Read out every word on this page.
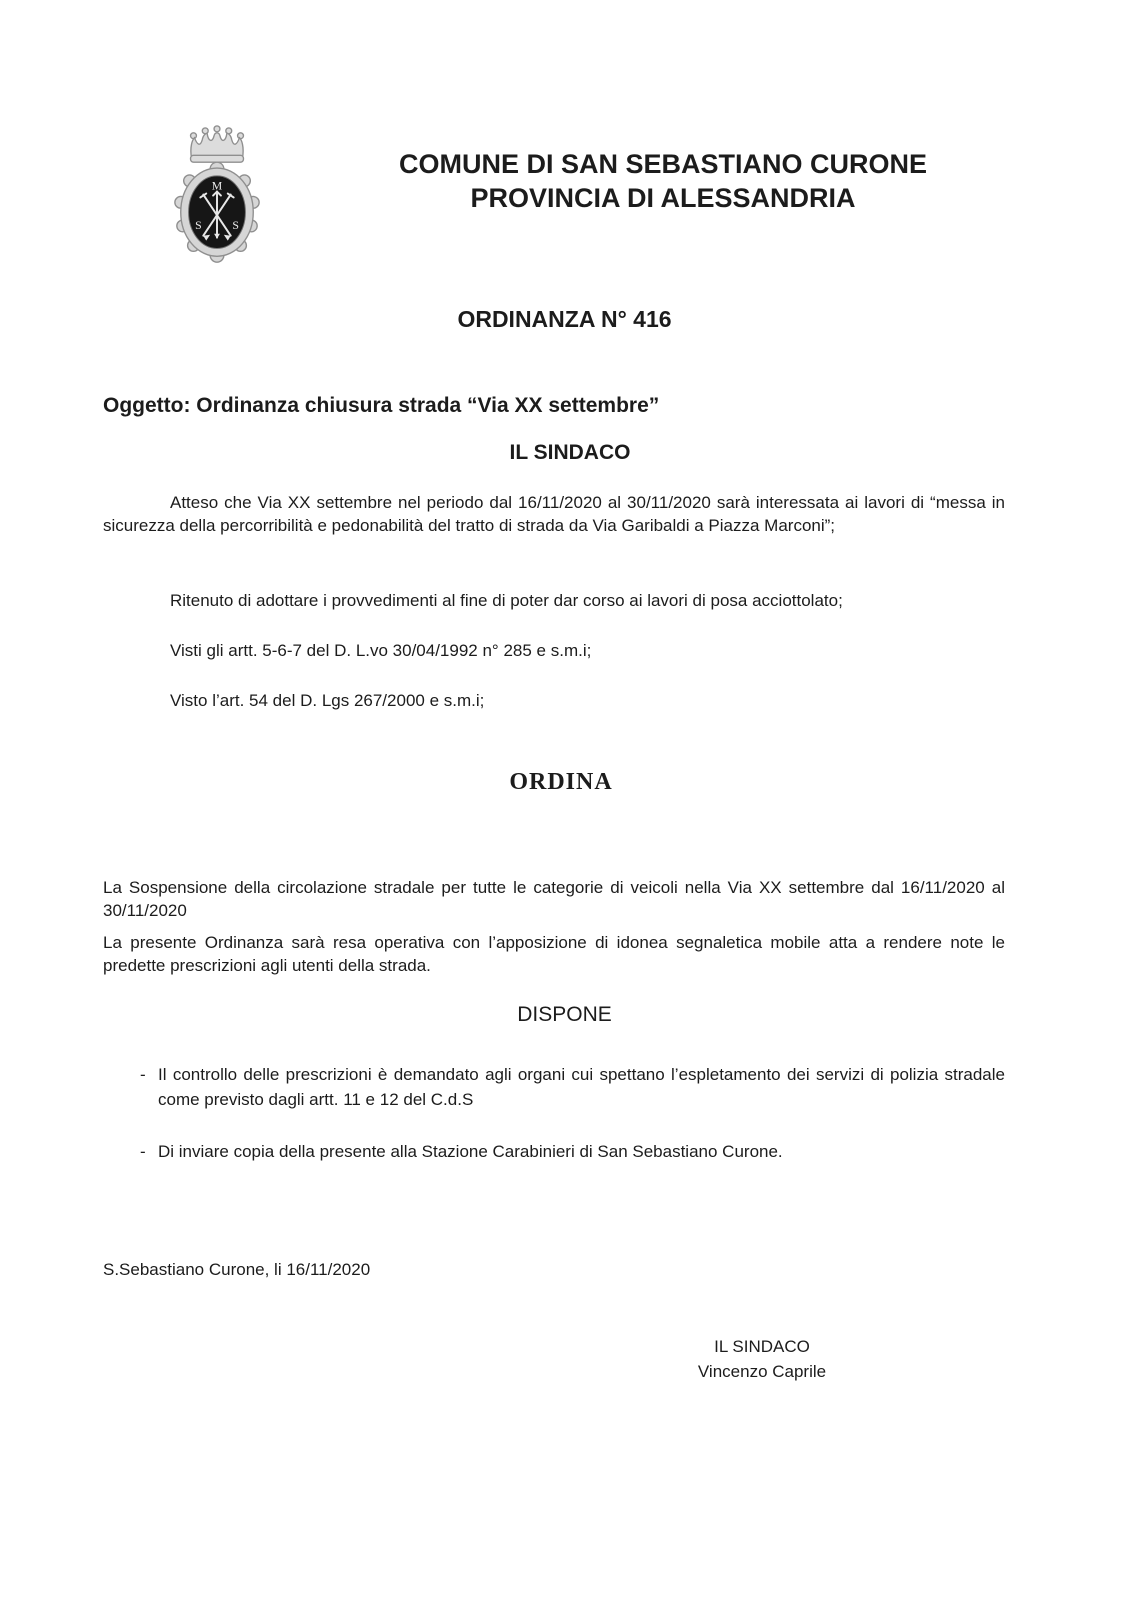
M
S	S
COMUNE DI SAN SEBASTIANO CURONE
PROVINCIA DI ALESSANDRIA
ORDINANZA N° 416
Oggetto: Ordinanza chiusura strada “Via XX settembre”
IL SINDACO

Atteso che Via XX settembre nel periodo dal 16/11/2020 al 30/11/2020 sarà interessata ai lavori di “messa in sicurezza della percorribilità e pedonabilità del tratto di strada da Via Garibaldi a Piazza Marconi”;

Ritenuto di adottare i provvedimenti al fine di poter dar corso ai lavori di posa acciottolato;

Visti gli artt. 5-6-7 del D. L.vo 30/04/1992 n° 285 e s.m.i;

Visto l’art. 54 del D. Lgs 267/2000 e s.m.i;

ORDINA

La Sospensione della circolazione stradale per tutte le categorie di veicoli nella Via XX settembre dal 16/11/2020 al 30/11/2020

La presente Ordinanza sarà resa operativa con l’apposizione di idonea segnaletica mobile atta a rendere note le predette prescrizioni agli utenti della strada.

DISPONE
- Il controllo delle prescrizioni è demandato agli organi cui spettano l’espletamento dei servizi di polizia stradale come previsto dagli artt. 11 e 12 del C.d.S
- Di inviare copia della presente alla Stazione Carabinieri di San Sebastiano Curone.
S.Sebastiano Curone, li 16/11/2020
IL SINDACO
Vincenzo Caprile
